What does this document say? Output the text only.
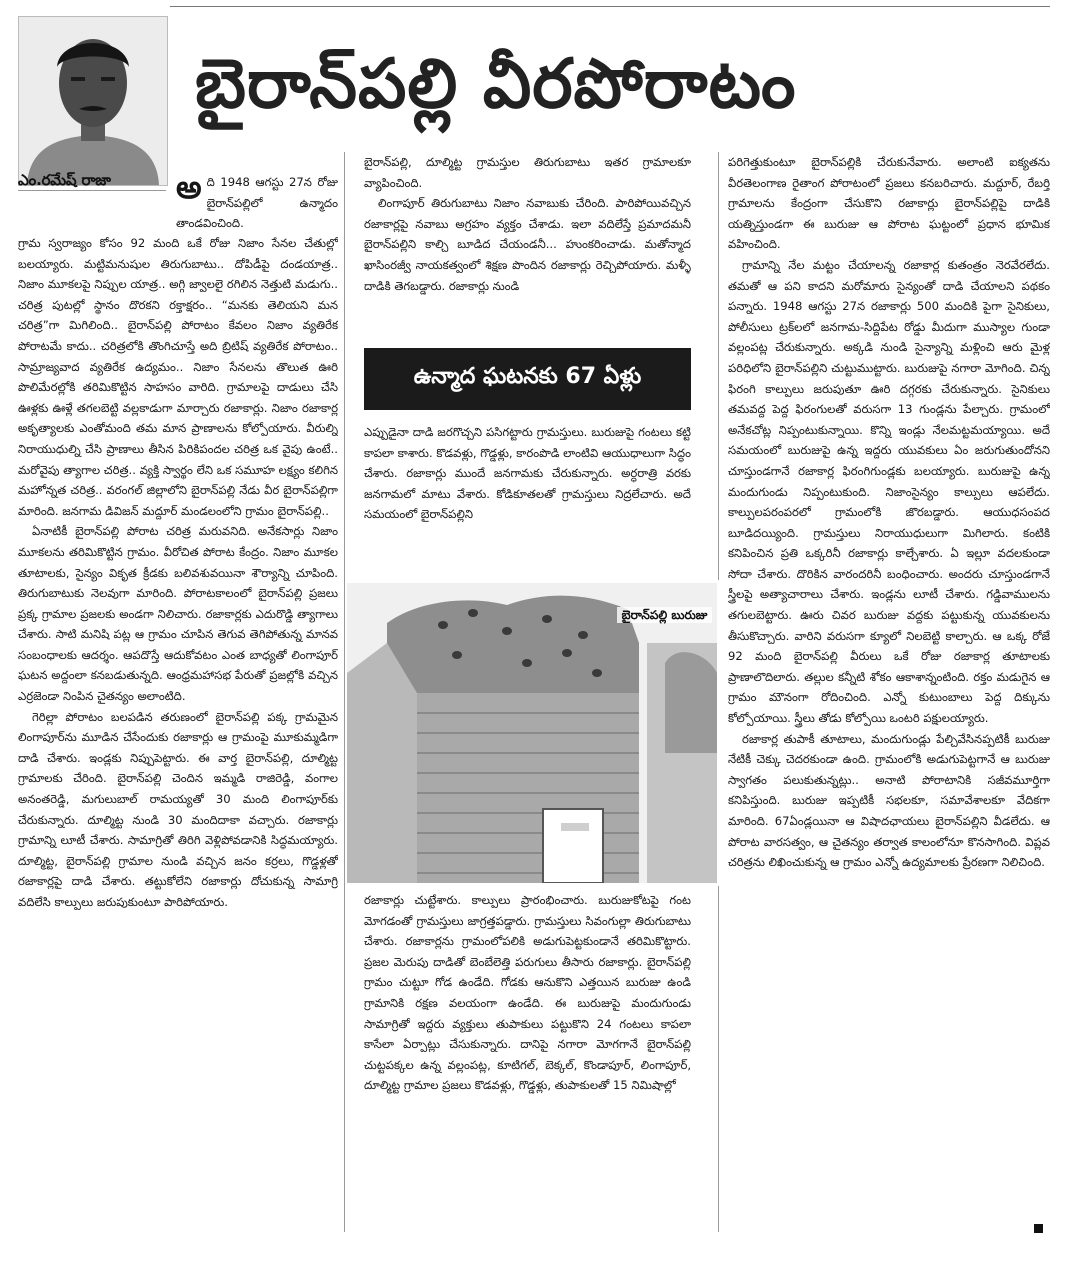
ఎం.రమేష్ రాజా
బైరాన్‌పల్లి వీరపోరాటం

అది 1948 ఆగస్టు 27న రోజు బైరాన్‌పల్లిలో ఉన్మాదం తాండవించింది.

గ్రామ స్వరాజ్యం కోసం 92 మంది ఒకే రోజు నిజాం సేనల చేతుల్లో బలయ్యారు. మట్టిమనుషుల తిరుగుబాటు.. దోపిడీపై దండయాత్ర.. నిజాం మూకలపై నిప్పుల యాత్ర.. అగ్గి జ్వాలలై రగిలిన నెత్తుటి మడుగు.. చరిత్ర పుటల్లో స్థానం దొరకని రక్తాక్షరం.. “మనకు తెలియని మన చరిత్ర”గా మిగిలింది.. బైరాన్‌పల్లి పోరాటం కేవలం నిజాం వ్యతిరేక పోరాటమే కాదు.. చరిత్రలోకి తొంగిచూస్తే అది బ్రిటిష్ వ్యతిరేక పోరాటం.. సామ్రాజ్యవాద వ్యతిరేక ఉద్యమం.. నిజాం సేనలను తొలుత ఊరి పొలిమేరల్లోకి తరిమికొట్టిన సాహసం వారిది. గ్రామాలపై దాడులు చేసి ఊళ్లకు ఊళ్లే తగలబెట్టి వల్లకాడుగా మార్చారు రజాకార్లు. నిజాం రజాకార్ల అకృత్యాలకు ఎంతోమంది తమ మాన ప్రాణాలను కోల్పోయారు. వీరుల్ని నిరాయుధుల్ని చేసి ప్రాణాలు తీసిన పిరికిపందల చరిత్ర ఒక వైపు ఉంటే.. మరోవైపు త్యాగాల చరిత్ర.. వ్యక్తి స్వార్థం లేని ఒక సమూహ లక్ష్యం కలిగిన మహోన్నత చరిత్ర.. వరంగల్ జిల్లాలోని బైరాన్‌పల్లి నేడు వీర బైరాన్‌పల్లిగా మారింది. జనగామ డివిజన్ మద్దూర్ మండలంలోని గ్రామం బైరాన్‌పల్లి..

ఏనాటికీ బైరాన్‌పల్లి పోరాట చరిత్ర మరువనిది. అనేకసార్లు నిజాం మూకలను తరిమికొట్టిన గ్రామం. వీరోచిత పోరాట కేంద్రం. నిజాం మూకల తూటాలకు, సైన్యం వికృత క్రీడకు బలివశువయినా శౌర్యాన్ని చూపింది. తిరుగుబాటుకు నెలవుగా మారింది. పోరాటకాలంలో బైరాన్‌పల్లి ప్రజలు ప్రక్క గ్రామాల ప్రజలకు అండగా నిలిచారు. రజాకార్లకు ఎదురొడ్డి త్యాగాలు చేశారు. సాటి మనిషి పట్ల ఆ గ్రామం చూపిన తెగువ తెగిపోతున్న మానవ సంబంధాలకు ఆదర్శం. ఆపదొస్తే ఆదుకోవటం ఎంత బాధ్యతో లింగాపూర్ ఘటన అద్దంలా కనబడుతున్నది. ఆంధ్రమహాసభ పేరుతో ప్రజల్లోకి వచ్చిన ఎర్రజెండా నింపిన చైతన్యం అలాంటిది.

గెరిల్లా పోరాటం బలపడిన తరుణంలో బైరాన్‌పల్లి పక్క గ్రామమైన లింగాపూర్‌ను మూడిన చేసేందుకు రజాకార్లు ఆ గ్రామంపై మూకుమ్మడిగా దాడి చేశారు. ఇండ్లకు నిప్పుపెట్టారు. ఈ వార్త బైరాన్‌పల్లి, దూల్మిట్ట గ్రామాలకు చేరింది. బైరాన్‌పల్లి చెందిన ఇమ్మడి రాజిరెడ్డి, వంగాల అనంతరెడ్డి, మగులుబాల్ రామయ్యతో 30 మంది లింగాపూర్‌కు చేరుకున్నారు. దూల్మిట్ట నుండి 30 మందిదాకా వచ్చారు. రజాకార్లు గ్రామాన్ని లూటీ చేశారు. సామాగ్రితో తిరిగి వెళ్లిపోవడానికి సిద్ధమయ్యారు. దూల్మిట్ట, బైరాన్‌పల్లి గ్రామాల నుండి వచ్చిన జనం కర్రలు, గొడ్డళ్లతో రజాకార్లపై దాడి చేశారు. తట్టుకోలేని రజాకార్లు దోచుకున్న సామాగ్రి వదిలేసి కాల్పులు జరుపుకుంటూ పారిపోయారు.

బైరాన్‌పల్లి, దూల్మిట్ట గ్రామస్తుల తిరుగుబాటు ఇతర గ్రామాలకూ వ్యాపించింది.

లింగాపూర్ తిరుగుబాటు నిజాం నవాబుకు చేరింది. పారిపోయివచ్చిన రజాకార్లపై నవాబు అగ్రహం వ్యక్తం చేశాడు. ఇలా వదిలేస్తే ప్రమాదమనీ బైరాన్‌పల్లిని కాల్చి బూడిద చేయండనీ... హుంకరించాడు. మతోన్మాద ఖాసింరజ్వీ నాయకత్వంలో శిక్షణ పొందిన రజాకార్లు రెచ్చిపోయారు. మళ్ళీ దాడికి తెగబడ్డారు. రజాకార్లు నుండి

ఉన్మాద ఘటనకు 67 ఏళ్లు

ఎప్పుడైనా దాడి జరగొచ్చని పసిగట్టారు గ్రామస్తులు. బురుజుపై గంటలు కట్టి కాపలా కాశారు. కొడవళ్లు, గొడ్డళ్లు, కారంపొడి లాంటివి ఆయుధాలుగా సిద్ధం చేశారు. రజాకార్లు ముందే జనగామకు చేరుకున్నారు. అర్ధరాత్రి వరకు జనగామలో మాటు వేశారు. కోడికూతలతో గ్రామస్తులు నిద్రలేచారు. అదే సమయంలో బైరాన్‌పల్లిని

బైరాన్‌పల్లి బురుజు

రజాకార్లు చుట్టేశారు. కాల్పులు ప్రారంభించారు. బురుజుకోటపై గంట మోగడంతో గ్రామస్తులు జాగ్రత్తపడ్డారు. గ్రామస్తులు సివంగుల్లా తిరుగుబాటు చేశారు. రజాకార్లను గ్రామంలోపలికి అడుగుపెట్టకుండానే తరిమికొట్టారు. ప్రజల మెరుపు దాడితో బెంబేలెత్తి పరుగులు తీసారు రజాకార్లు. బైరాన్‌పల్లి గ్రామం చుట్టూ గోడ ఉండేది. గోడకు ఆనుకొని ఎత్తయిన బురుజు ఉండి గ్రామానికి రక్షణ వలయంగా ఉండేది. ఈ బురుజుపై మందుగుండు సామాగ్రితో ఇద్దరు వ్యక్తులు తుపాకులు పట్టుకొని 24 గంటలు కాపలా కాసేలా ఏర్పాట్లు చేసుకున్నారు. దానిపై నగారా మోగగానే బైరాన్‌పల్లి చుట్టపక్కల ఉన్న వల్లంపట్ల, కూటిగల్, బెక్కల్, కొండాపూర్, లింగాపూర్, దూల్మిట్ట గ్రామాల ప్రజలు కొడవళ్లు, గొడ్డళ్లు, తుపాకులతో 15 నిమిషాల్లో

పరిగెత్తుకుంటూ బైరాన్‌పల్లికి చేరుకునేవారు. అలాంటి ఐక్యతను వీరతెలంగాణ రైతాంగ పోరాటంలో ప్రజలు కనబరిచారు. మద్దూర్, రేబర్తి గ్రామాలను కేంద్రంగా చేసుకొని రజాకార్లు బైరాన్‌పల్లిపై దాడికి యత్నిస్తుండగా ఈ బురుజు ఆ పోరాట ఘట్టంలో ప్రధాన భూమిక వహించింది.

గ్రామాన్ని నేల మట్టం చేయాలన్న రజాకార్ల కుతంత్రం నెరవేరలేదు. తమతో ఆ పని కాదని మరోమారు సైన్యంతో దాడి చేయాలని పథకం పన్నారు. 1948 ఆగస్టు 27న రజాకార్లు 500 మందికి పైగా సైనికులు, పోలీసులు ట్రక్‌లలో జనగామ-సిద్దిపేట రోడ్డు మీదుగా ముస్యాల గుండా వల్లంపట్ల చేరుకున్నారు. అక్కడి నుండి సైన్యాన్ని మళ్లించి ఆరు మైళ్ల పరిధిలోని బైరాన్‌పల్లిని చుట్టుముట్టారు. బురుజుపై నగారా మోగింది. చిన్న ఫిరంగి కాల్పులు జరుపుతూ ఊరి దగ్గరకు చేరుకున్నారు. సైనికులు తమవద్ద పెద్ద ఫిరంగులతో వరుసగా 13 గుండ్లను పేల్చారు. గ్రామంలో అనేకచోట్ల నిప్పంటుకున్నాయి. కొన్ని ఇండ్లు నేలమట్టమయ్యాయి. అదే సమయంలో బురుజుపై ఉన్న ఇద్దరు యువకులు ఏం జరుగుతుందోనని చూస్తుండగానే రజాకార్ల ఫిరంగిగుండ్లకు బలయ్యారు. బురుజుపై ఉన్న మందుగుండు నిప్పంటుకుంది. నిజాంసైన్యం కాల్పులు ఆపలేదు. కాల్పులపరంపరలో గ్రామంలోకి జొరబడ్డారు. ఆయుధసంపద బూడిదయ్యింది. గ్రామస్తులు నిరాయుధులుగా మిగిలారు. కంటికి కనిపించిన ప్రతి ఒక్కరినీ రజాకార్లు కాల్చేశారు. ఏ ఇల్లూ వదలకుండా సోదా చేశారు. దొరికిన వారందరినీ బంధించారు. అందరు చూస్తుండగానే స్త్రీలపై అత్యాచారాలు చేశారు. ఇండ్లను లూటీ చేశారు. గడ్డివాములను తగులబెట్టారు. ఊరు చివర బురుజు వద్దకు పట్టుకున్న యువకులను తీసుకొచ్చారు. వారిని వరుసగా క్యూలో నిలబెట్టి కాల్చారు. ఆ ఒక్క రోజే 92 మంది బైరాన్‌పల్లి వీరులు ఒకే రోజు రజాకార్ల తూటాలకు ప్రాణాలొదిలారు. తల్లుల కన్నీటి శోకం ఆకాశాన్నంటింది. రక్తం మడుగైన ఆ గ్రామం మౌనంగా రోదించింది. ఎన్నో కుటుంబాలు పెద్ద దిక్కును కోల్పోయాయి. స్త్రీలు తోడు కోల్పోయి ఒంటరి పక్షులయ్యారు.

రజాకార్ల తుపాకీ తూటాలు, మందుగుండ్లు పేల్చివేసినప్పటికీ బురుజు నేటికీ చెక్కు చెదరకుండా ఉంది. గ్రామంలోకి అడుగుపెట్టగానే ఆ బురుజు స్వాగతం పలుకుతున్నట్లు.. అనాటి పోరాటానికి సజీవమూర్తిగా కనిపిస్తుంది. బురుజు ఇప్పటికీ సభలకూ, సమావేశాలకూ వేదికగా మారింది. 67ఏండ్లయినా ఆ విషాదఛాయలు బైరాన్‌పల్లిని వీడలేదు. ఆ పోరాట వారసత్వం, ఆ చైతన్యం తర్వాత కాలంలోనూ కొనసాగింది. విప్లవ చరిత్రను లిఖించుకున్న ఆ గ్రామం ఎన్నో ఉద్యమాలకు ప్రేరణగా నిలిచింది.
